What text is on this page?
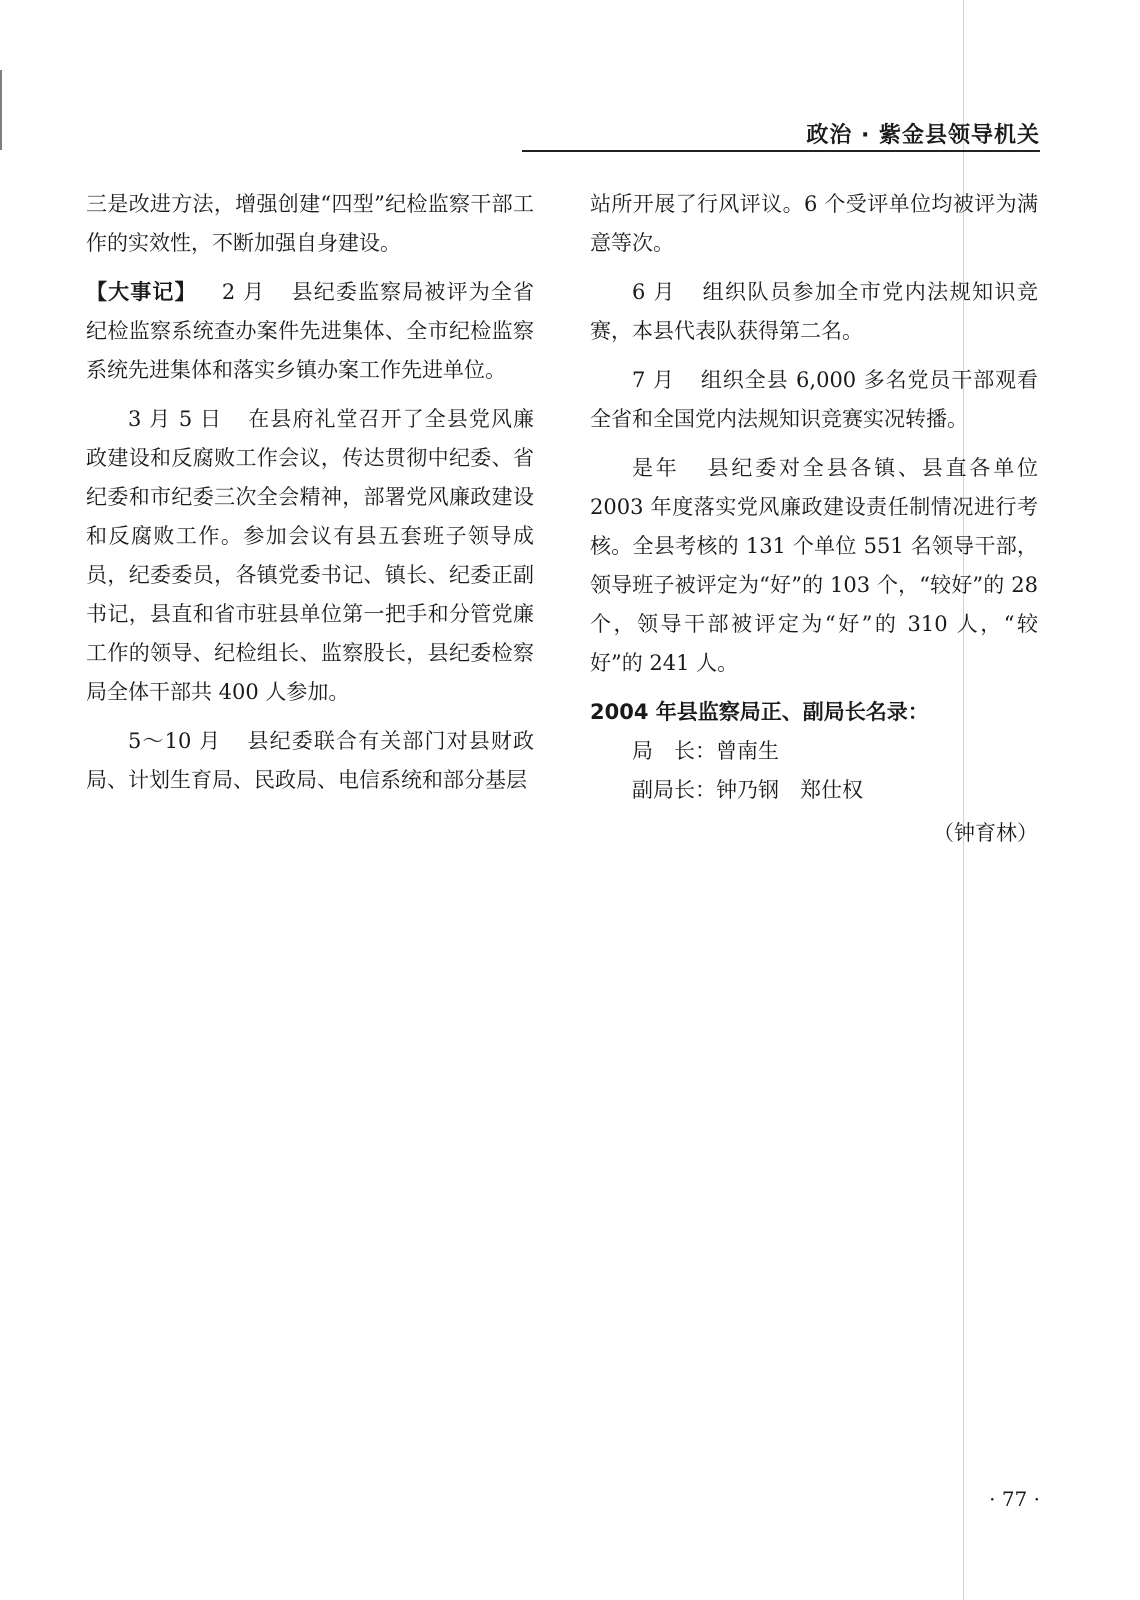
政治 · 紫金县领导机关

三是改进方法，增强创建“四型”纪检监察干部工作的实效性，不断加强自身建设。

【大事记】 2 月 县纪委监察局被评为全省纪检监察系统查办案件先进集体、全市纪检监察系统先进集体和落实乡镇办案工作先进单位。

3 月 5 日 在县府礼堂召开了全县党风廉政建设和反腐败工作会议，传达贯彻中纪委、省纪委和市纪委三次全会精神，部署党风廉政建设和反腐败工作。参加会议有县五套班子领导成员，纪委委员，各镇党委书记、镇长、纪委正副书记，县直和省市驻县单位第一把手和分管党廉工作的领导、纪检组长、监察股长，县纪委检察局全体干部共 400 人参加。

5～10 月 县纪委联合有关部门对县财政局、计划生育局、民政局、电信系统和部分基层

站所开展了行风评议。6 个受评单位均被评为满意等次。

6 月 组织队员参加全市党内法规知识竞赛，本县代表队获得第二名。

7 月 组织全县 6,000 多名党员干部观看全省和全国党内法规知识竞赛实况转播。

是年 县纪委对全县各镇、县直各单位 2003 年度落实党风廉政建设责任制情况进行考核。全县考核的 131 个单位 551 名领导干部，领导班子被评定为“好”的 103 个，“较好”的 28 个，领导干部被评定为“好”的 310 人，“较好”的 241 人。

2004 年县监察局正、副局长名录：

局　长：曾南生

副局长：钟乃钢　郑仕权

（钟育林）

· 77 ·
